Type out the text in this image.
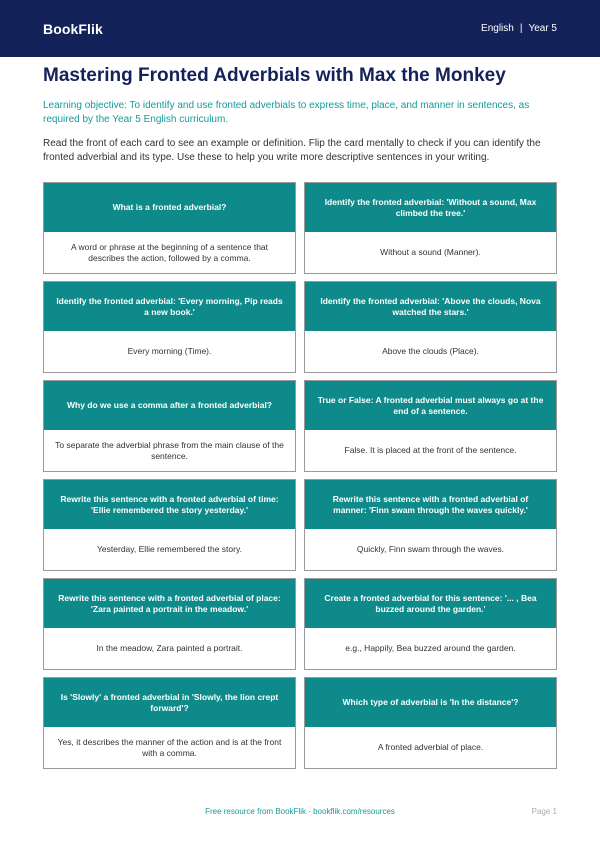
BookFlik	English | Year 5
Mastering Fronted Adverbials with Max the Monkey

Learning objective: To identify and use fronted adverbials to express time, place, and manner in sentences, as required by the Year 5 English curriculum.

Read the front of each card to see an example or definition. Flip the card mentally to check if you can identify the fronted adverbial and its type. Use these to help you write more descriptive sentences in your writing.

What is a fronted adverbial?
A word or phrase at the beginning of a sentence that describes the action, followed by a comma.
Identify the fronted adverbial: 'Without a sound, Max climbed the tree.'
Without a sound (Manner).
Identify the fronted adverbial: 'Every morning, Pip reads a new book.'
Every morning (Time).
Identify the fronted adverbial: 'Above the clouds, Nova watched the stars.'
Above the clouds (Place).
Why do we use a comma after a fronted adverbial?
To separate the adverbial phrase from the main clause of the sentence.
True or False: A fronted adverbial must always go at the end of a sentence.
False. It is placed at the front of the sentence.
Rewrite this sentence with a fronted adverbial of time: 'Ellie remembered the story yesterday.'
Yesterday, Ellie remembered the story.
Rewrite this sentence with a fronted adverbial of manner: 'Finn swam through the waves quickly.'
Quickly, Finn swam through the waves.
Rewrite this sentence with a fronted adverbial of place: 'Zara painted a portrait in the meadow.'
In the meadow, Zara painted a portrait.
Create a fronted adverbial for this sentence: '... , Bea buzzed around the garden.'
e.g., Happily, Bea buzzed around the garden.
Is 'Slowly' a fronted adverbial in 'Slowly, the lion crept forward'?
Yes, it describes the manner of the action and is at the front with a comma.
Which type of adverbial is 'In the distance'?
A fronted adverbial of place.
Free resource from BookFlik · bookflik.com/resources	Page 1
